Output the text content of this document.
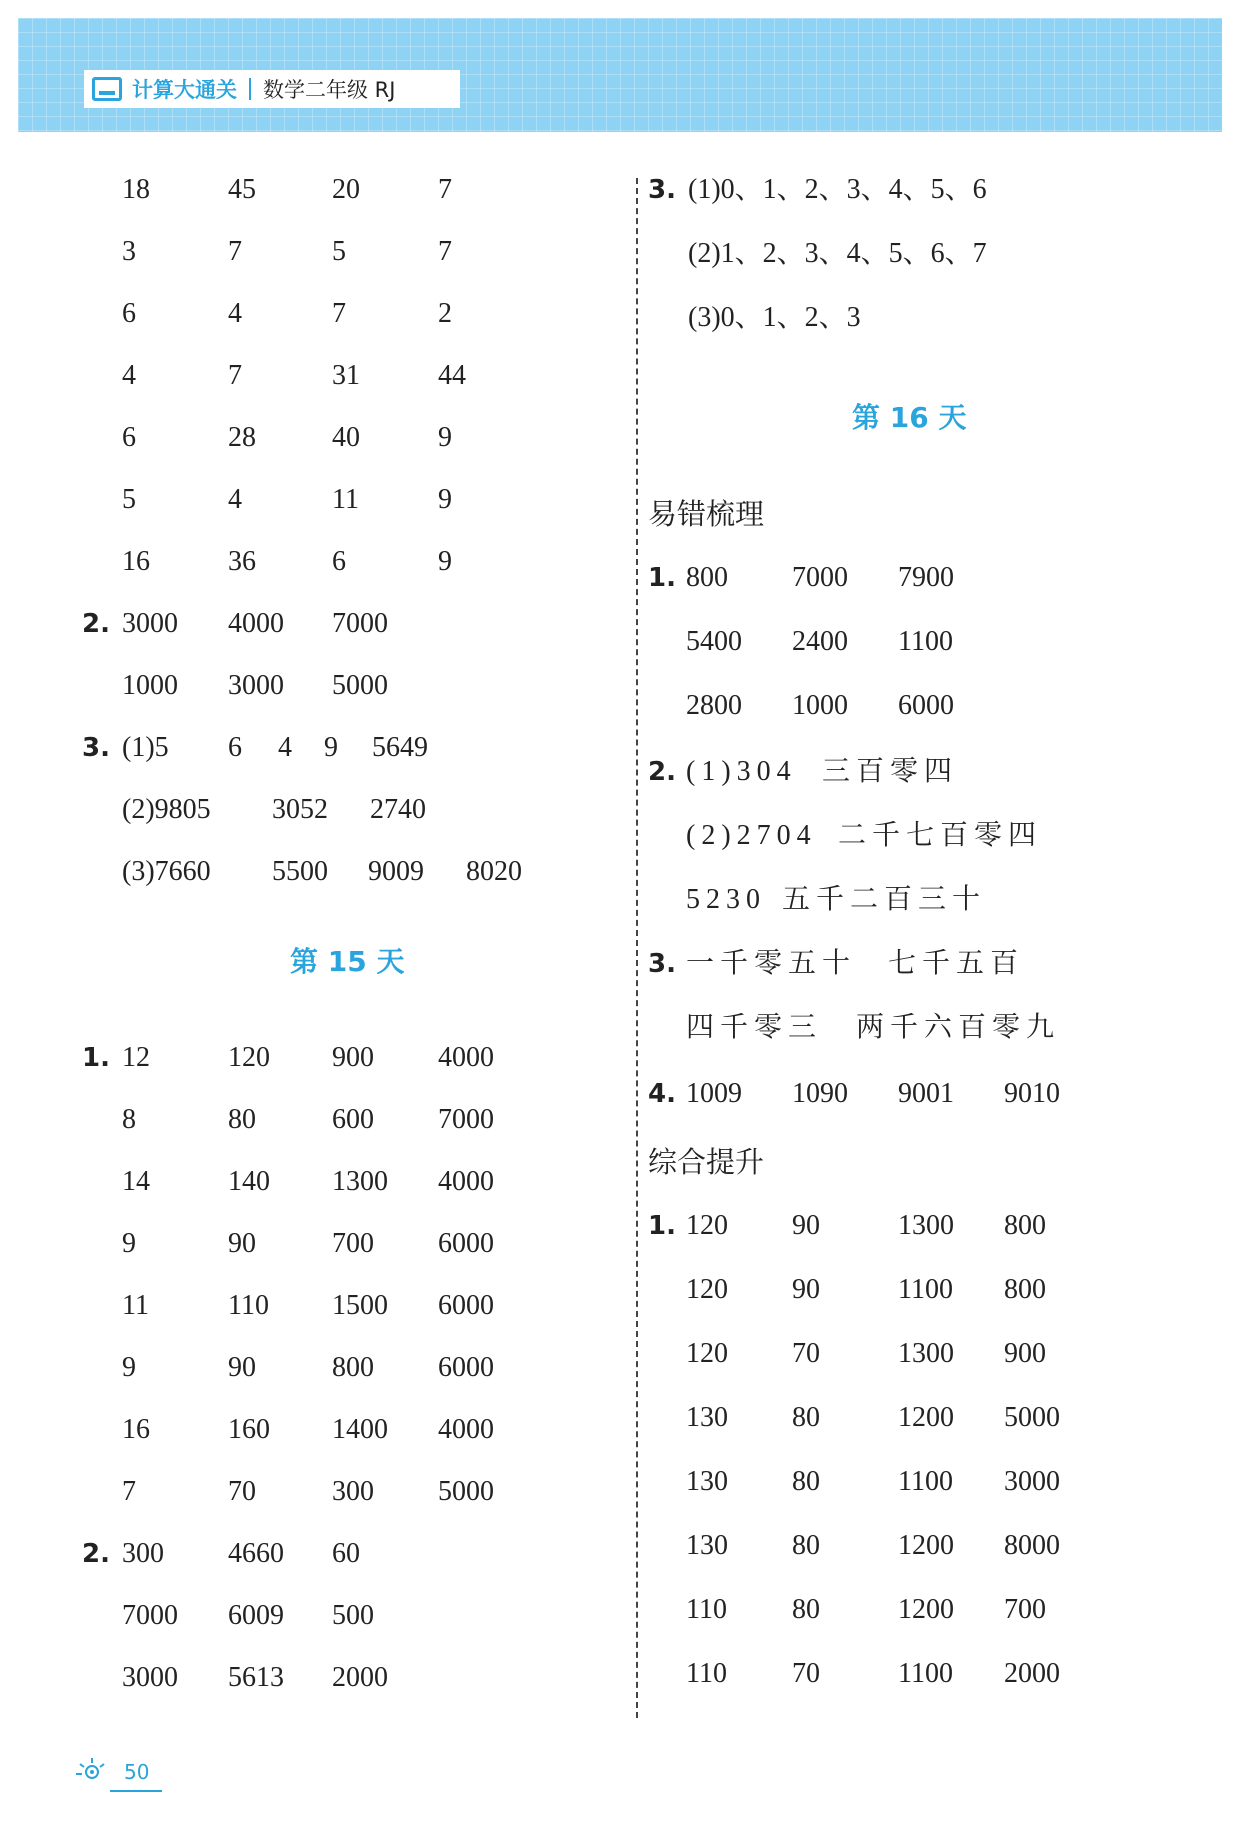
计算大通关 数学二年级 RJ
18	45	20	7
3	7	5	7
6	4	7	2
4	7	31	44
6	28	40	9
5	4	11	9
16	36	6	9
2. 3000 4000 7000
1000 3000 5000
3. (1)5 6 4 9 5649
(2)9805 3052 2740
(3)7660 5500 9009 8020
第 15 天
1. 12	120 900 4000
8	80	600 7000
14	140 1300 4000
9	90	700 6000
11	110 1500 6000
9	90	800 6000
16	160 1400 4000
7	70	300 5000
2. 300 4660 60
7000 6009 500
3000 5613 2000
3. (1)0、1、2、3、4、5、6
(2)1、2、3、4、5、6、7
(3)0、1、2、3
第 16 天
易错梳理
1. 800 7000 7900
5400 2400 1100
2800 1000 6000
2. (1)304 三百零四
(2)2704 二千七百零四
5230 五千二百三十
3. 一千零五十 七千五百
四千零三 两千六百零九
4. 1009 1090 9001 9010
综合提升
1. 120 90	1300 800
120 90	1100 800
120 70	1300 900
130 80	1200 5000
130 80	1100 3000
130 80	1200 8000
110 80	1200 700
110 70	1100 2000
50
